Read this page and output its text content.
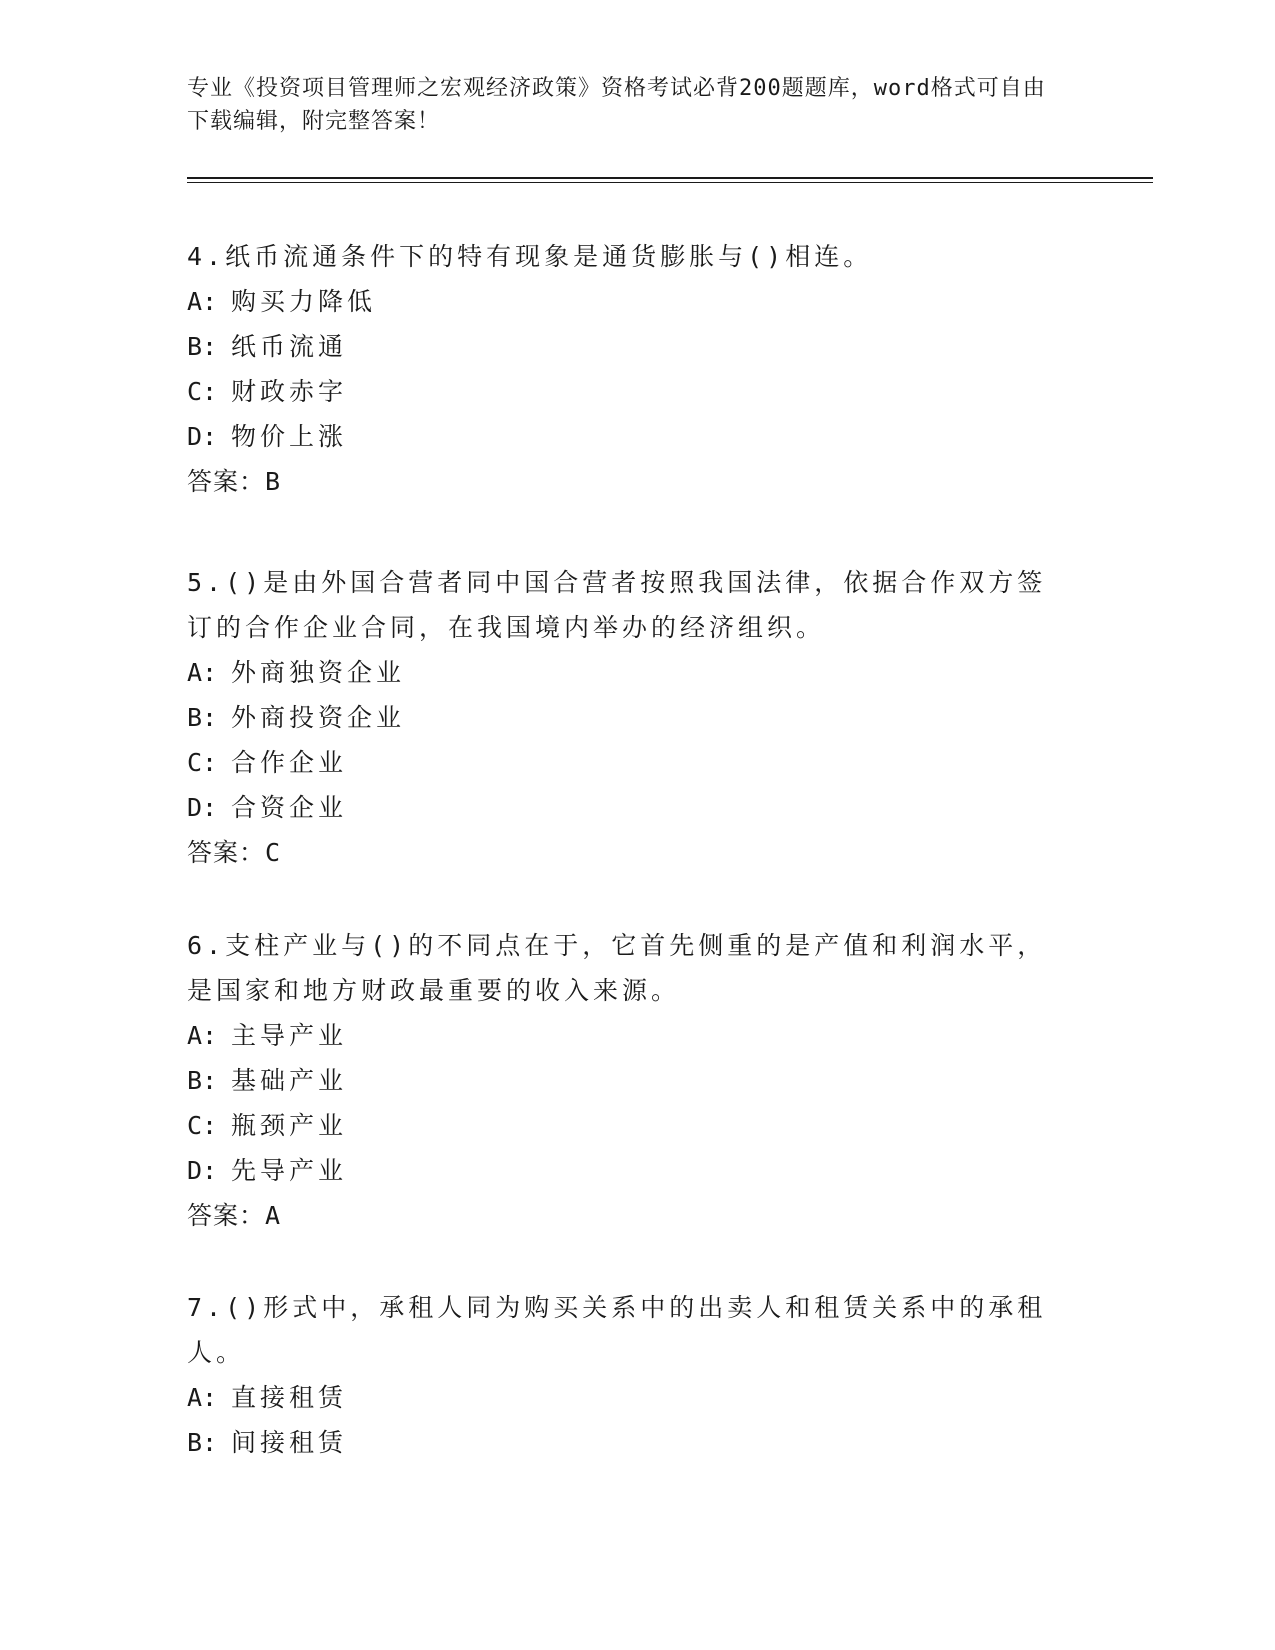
专业《投资项目管理师之宏观经济政策》资格考试必背200题题库，word格式可自由下载编辑，附完整答案！
4.纸币流通条件下的特有现象是通货膨胀与()相连。
A: 购买力降低
B: 纸币流通
C: 财政赤字
D: 物价上涨
答案：B
5.()是由外国合营者同中国合营者按照我国法律，依据合作双方签订的合作企业合同，在我国境内举办的经济组织。
A: 外商独资企业
B: 外商投资企业
C: 合作企业
D: 合资企业
答案：C
6.支柱产业与()的不同点在于，它首先侧重的是产值和利润水平，是国家和地方财政最重要的收入来源。
A: 主导产业
B: 基础产业
C: 瓶颈产业
D: 先导产业
答案：A
7.()形式中，承租人同为购买关系中的出卖人和租赁关系中的承租人。
A: 直接租赁
B: 间接租赁
